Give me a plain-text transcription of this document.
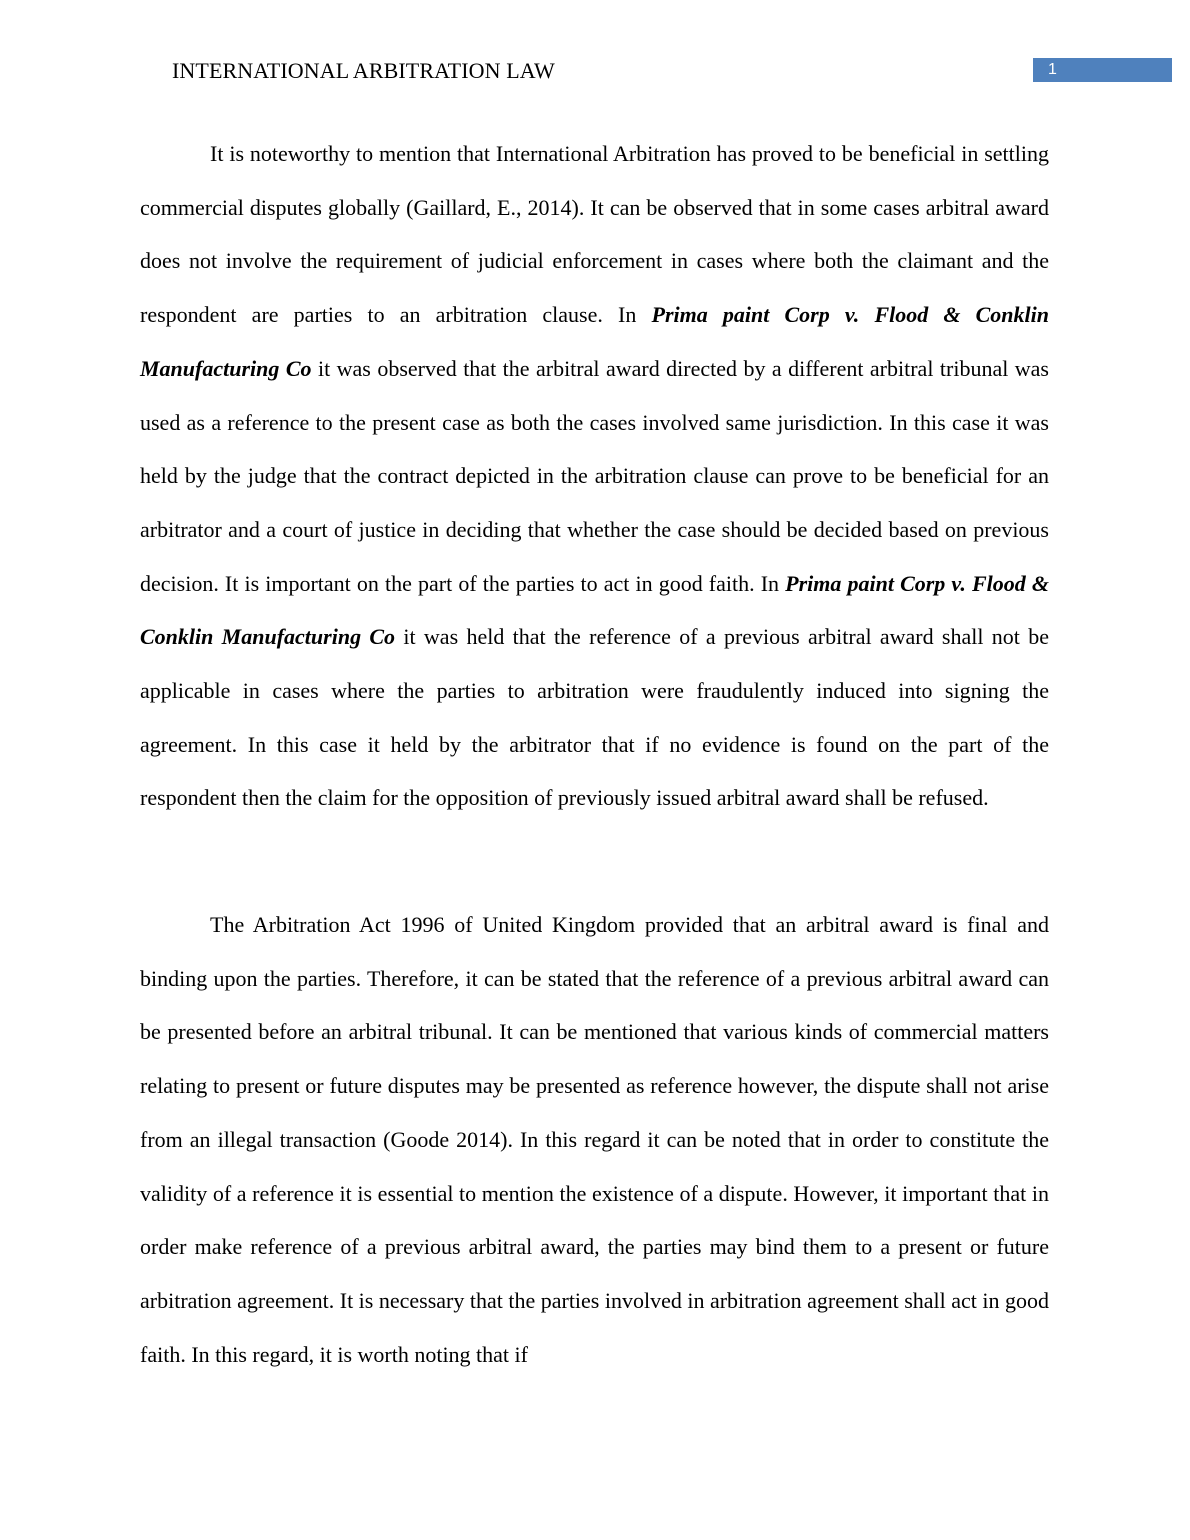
INTERNATIONAL ARBITRATION LAW	1

It is noteworthy to mention that International Arbitration has proved to be beneficial in settling commercial disputes globally (Gaillard, E., 2014). It can be observed that in some cases arbitral award does not involve the requirement of judicial enforcement in cases where both the claimant and the respondent are parties to an arbitration clause. In Prima paint Corp v. Flood & Conklin Manufacturing Co it was observed that the arbitral award directed by a different arbitral tribunal was used as a reference to the present case as both the cases involved same jurisdiction. In this case it was held by the judge that the contract depicted in the arbitration clause can prove to be beneficial for an arbitrator and a court of justice in deciding that whether the case should be decided based on previous decision. It is important on the part of the parties to act in good faith. In Prima paint Corp v. Flood & Conklin Manufacturing Co it was held that the reference of a previous arbitral award shall not be applicable in cases where the parties to arbitration were fraudulently induced into signing the agreement. In this case it held by the arbitrator that if no evidence is found on the part of the respondent then the claim for the opposition of previously issued arbitral award shall be refused.

The Arbitration Act 1996 of United Kingdom provided that an arbitral award is final and binding upon the parties. Therefore, it can be stated that the reference of a previous arbitral award can be presented before an arbitral tribunal. It can be mentioned that various kinds of commercial matters relating to present or future disputes may be presented as reference however, the dispute shall not arise from an illegal transaction (Goode 2014). In this regard it can be noted that in order to constitute the validity of a reference it is essential to mention the existence of a dispute. However, it important that in order make reference of a previous arbitral award, the parties may bind them to a present or future arbitration agreement. It is necessary that the parties involved in arbitration agreement shall act in good faith. In this regard, it is worth noting that if
